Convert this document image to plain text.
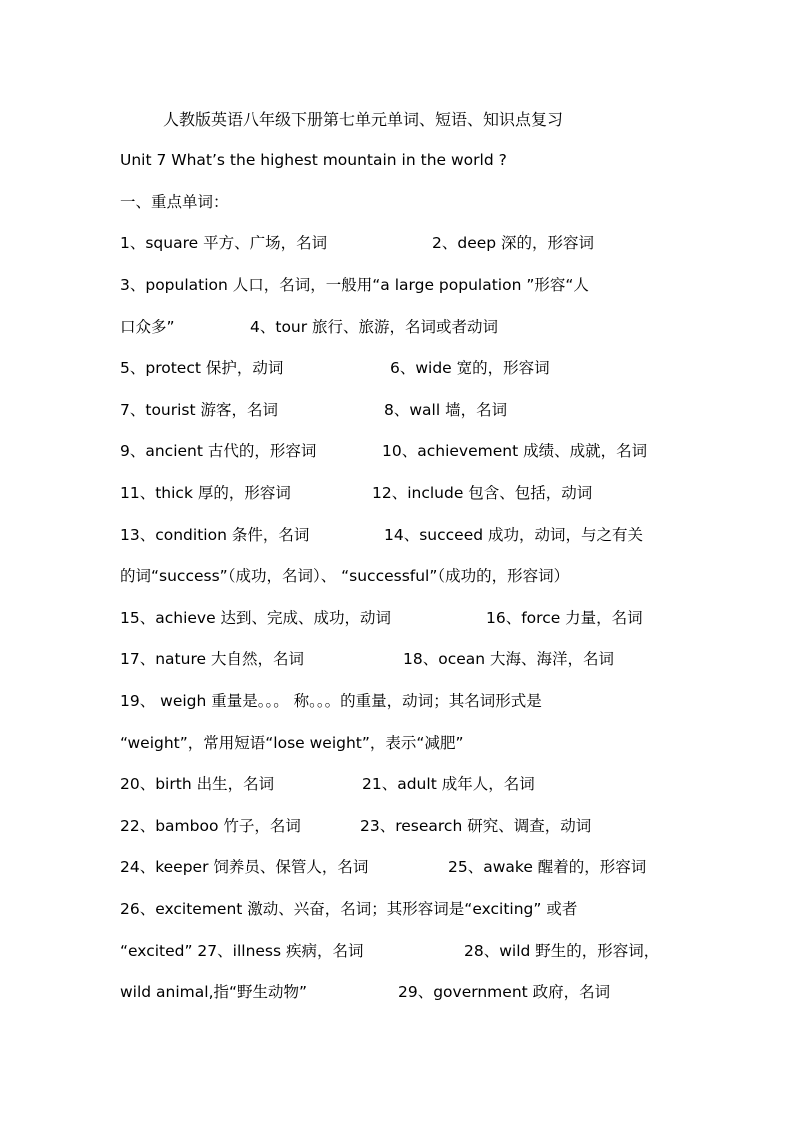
人教版英语八年级下册第七单元单词、短语、知识点复习
Unit 7 What’s the highest mountain in the world ?
一、重点单词：
1、square 平方、广场，名词	2、deep 深的，形容词
3、population 人口，名词，一般用“a large population ”形容“人
口众多”	4、tour 旅行、旅游，名词或者动词
5、protect 保护，动词	6、wide 宽的，形容词
7、tourist 游客，名词	8、wall 墙，名词
9、ancient 古代的，形容词	10、achievement 成绩、成就，名词
11、thick 厚的，形容词	12、include 包含、包括，动词
13、condition 条件，名词	14、succeed 成功，动词，与之有关
的词“success”（成功，名词）、 “successful”（成功的，形容词）
15、achieve 达到、完成、成功，动词	16、force 力量，名词
17、nature 大自然，名词	18、ocean 大海、海洋，名词
19、 weigh 重量是。。。 称。。。的重量，动词；其名词形式是
“weight”，常用短语“lose weight”，表示“减肥”
20、birth 出生，名词	21、adult 成年人，名词
22、bamboo 竹子，名词	23、research 研究、调查，动词
24、keeper 饲养员、保管人，名词	25、awake 醒着的，形容词
26、excitement 激动、兴奋，名词；其形容词是“exciting” 或者
“excited” 27、illness 疾病，名词	28、wild 野生的，形容词，
wild animal,指“野生动物”	29、government 政府，名词
